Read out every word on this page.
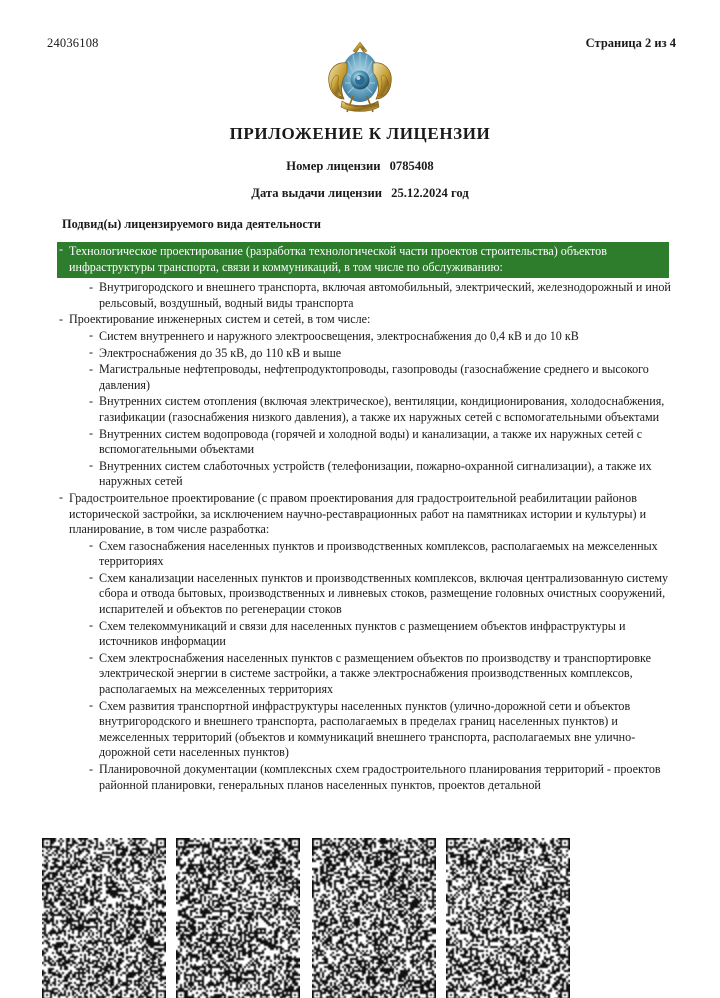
24036108	Страница 2 из 4
ПРИЛОЖЕНИЕ К ЛИЦЕНЗИИ
Номер лицензии 0785408
Дата выдачи лицензии 25.12.2024 год
Подвид(ы) лицензируемого вида деятельности
- Технологическое проектирование (разработка технологической части проектов строительства) объектов инфраструктуры транспорта, связи и коммуникаций, в том числе по обслуживанию:
- Внутригородского и внешнего транспорта, включая автомобильный, электрический, железнодорожный и иной рельсовый, воздушный, водный виды транспорта
- Проектирование инженерных систем и сетей, в том числе:
- Систем внутреннего и наружного электроосвещения, электроснабжения до 0,4 кВ и до 10 кВ
- Электроснабжения до 35 кВ, до 110 кВ и выше
- Магистральные нефтепроводы, нефтепродуктопроводы, газопроводы (газоснабжение среднего и высокого давления)
- Внутренних систем отопления (включая электрическое), вентиляции, кондиционирования, холодоснабжения, газификации (газоснабжения низкого давления), а также их наружных сетей с вспомогательными объектами
- Внутренних систем водопровода (горячей и холодной воды) и канализации, а также их наружных сетей с вспомогательными объектами
- Внутренних систем слаботочных устройств (телефонизации, пожарно-охранной сигнализации), а также их наружных сетей
- Градостроительное проектирование (с правом проектирования для градостроительной реабилитации районов исторической застройки, за исключением научно-реставрационных работ на памятниках истории и культуры) и планирование, в том числе разработка:
- Схем газоснабжения населенных пунктов и производственных комплексов, располагаемых на межселенных территориях
- Схем канализации населенных пунктов и производственных комплексов, включая централизованную систему сбора и отвода бытовых, производственных и ливневых стоков, размещение головных очистных сооружений, испарителей и объектов по регенерации стоков
- Схем телекоммуникаций и связи для населенных пунктов с размещением объектов инфраструктуры и источников информации
- Схем электроснабжения населенных пунктов с размещением объектов по производству и транспортировке электрической энергии в системе застройки, а также электроснабжения производственных комплексов, располагаемых на межселенных территориях
- Схем развития транспортной инфраструктуры населенных пунктов (улично-дорожной сети и объектов внутригородского и внешнего транспорта, располагаемых в пределах границ населенных пунктов) и межселенных территорий (объектов и коммуникаций внешнего транспорта, располагаемых вне улично-дорожной сети населенных пунктов)
- Планировочной документации (комплексных схем градостроительного планирования территорий - проектов районной планировки, генеральных планов населенных пунктов, проектов детальной
